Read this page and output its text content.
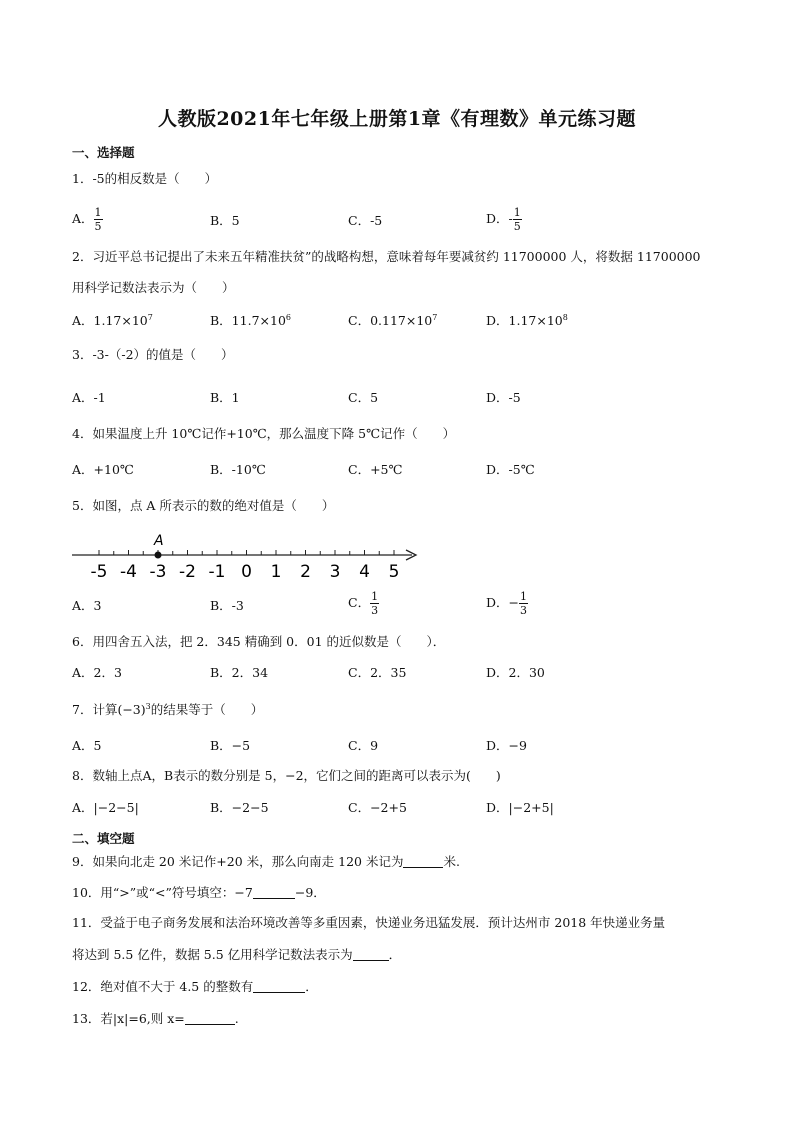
人教版2021年七年级上册第1章《有理数》单元练习题
一、选择题
1．-5的相反数是（　　）
A． $\frac{1}{5}$	B．5	C．-5	D．- $\frac{1}{5}$
2．习近平总书记提出了未来五年精准扶贫”的战略构想，意味着每年要减贫约 11700000 人，将数据 11700000
用科学记数法表示为（　　）
A．$1.17\times 10^7$	B．$11.7\times 10^6$	C．$0.117\times 10^7$	D．$1.17\times 10^8$
3．-3-（-2）的值是（　　）
A．-1	B．1	C．5	D．-5
4．如果温度上升 10℃记作+10℃，那么温度下降 5℃记作（　　）
A．+10℃	B．-10℃	C．+5℃	D．-5℃
5．如图，点 A 所表示的数的绝对值是（　　）
-5 -4 -3 -2 -1 0 1 2 3 4 5
A
A．3	B．-3	C． $\frac{1}{3}$	D．− $\frac{1}{3}$
6．用四舍五入法，把 2．345 精确到 0．01 的近似数是（　　）．
A．2．3	B．2．34	C．2．35	D．2．30
7．计算$(-3)^3$的结果等于（　　）
A．5	B．−5	C．9	D．−9
8．数轴上点A，B表示的数分别是 5，−2，它们之间的距离可以表示为(　　)
A．|−2−5|	B．−2−5	C．−2+5	D．|−2+5|
二、填空题
9．如果向北走 20 米记作+20 米，那么向南走 120 米记为	米.
10．用“>”或“<”符号填空：−7	−9．
11．受益于电子商务发展和法治环境改善等多重因素，快递业务迅猛发展．预计达州市 2018 年快递业务量
将达到 5.5 亿件，数据 5.5 亿用科学记数法表示为	．
12．绝对值不大于 4.5 的整数有	．
13．若|x|=6,则 x=	.
